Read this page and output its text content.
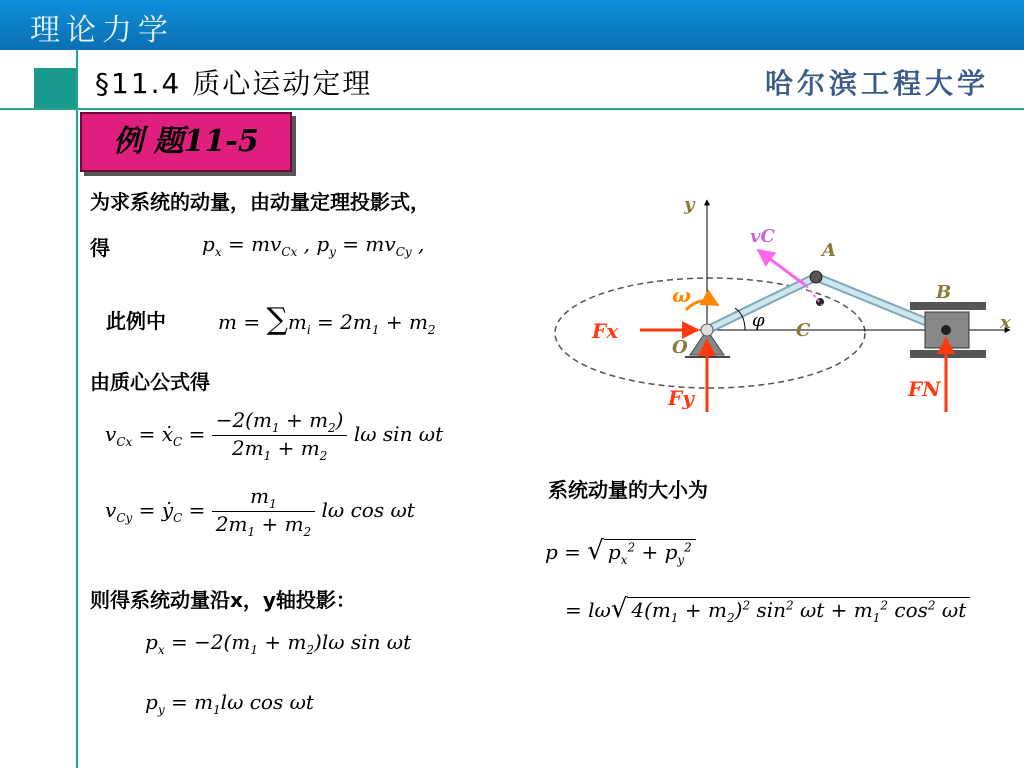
理论力学
§11.4 质心运动定理	哈尔滨工程大学
例 题11-5
为求系统的动量，由动量定理投影式，
得	$p_x = mv_{Cx}$ , $p_y = mv_{Cy}$ ,
此例中	$m = \sum m_i = 2m_1 + m_2$
由质心公式得
$v_{Cx}$ = ẋ$_C$ = $\frac{-2(m_1 + m_2)}{2m_1 + m_2}$ lω sin ωt
$v_{Cy}$ = ẏ$_C$ = $\frac{m_1}{2m_1 + m_2}$ lω cos ωt
则得系统动量沿x，y轴投影：
$p_x = -2(m_1 + m_2)l\omega$ sin ωt
$p_y = m_1l\omega$ cos ωt
系统动量的大小为
p = √ $p_x^2 + p_y^2$
= lω√ $4(m_1 + m_2)^2$ $\sin^2 \omega t + m_1^2$ $\cos^2 \omega t$
y
x
vC
A
B
C
O
ω
φ
Fx
Fy	FN
